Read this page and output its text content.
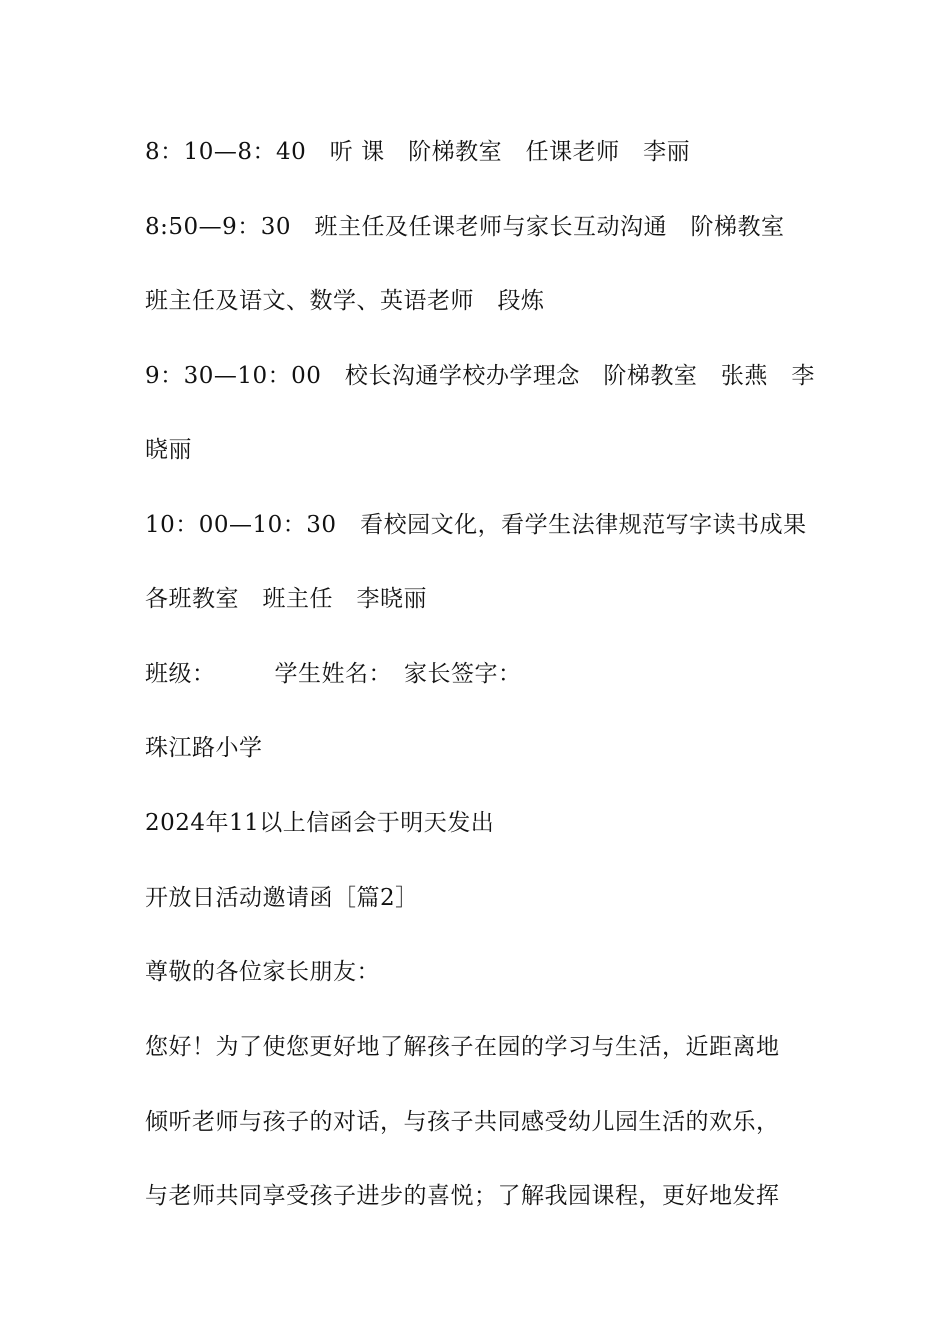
8：10—8：40　听 课　阶梯教室　任课老师　李丽
8:50—9：30　班主任及任课老师与家长互动沟通　阶梯教室
班主任及语文、数学、英语老师　段炼
9：30—10：00　校长沟通学校办学理念　阶梯教室　张燕　李
晓丽
10：00—10：30　看校园文化，看学生法律规范写字读书成果
各班教室　班主任　李晓丽
班级：　　　学生姓名：　家长签字：
珠江路小学
2024年11以上信函会于明天发出
开放日活动邀请函［篇2］
尊敬的各位家长朋友：
您好！为了使您更好地了解孩子在园的学习与生活，近距离地
倾听老师与孩子的对话，与孩子共同感受幼儿园生活的欢乐，
与老师共同享受孩子进步的喜悦；了解我园课程，更好地发挥
